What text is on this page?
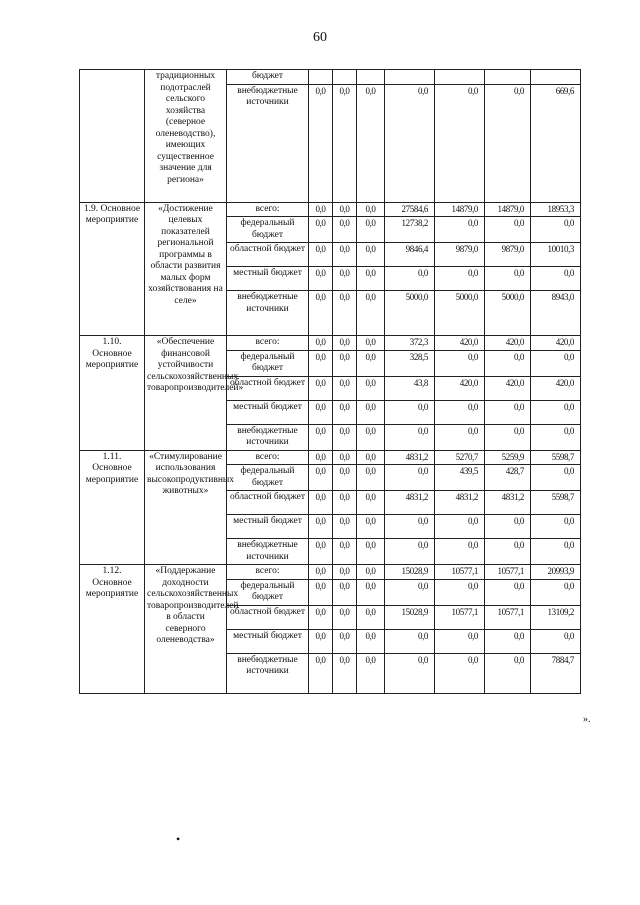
60
	традиционных подотраслей сельского хозяйства (северное оленеводство), имеющих существенное значение для региона»	бюджет							
		внебюджетные источники	0,0	0,0	0,0	0,0	0,0	0,0	669,6
1.9. Основное мероприятие	«Достижение целевых показателей региональной программы в области развития малых форм хозяйствования на селе»	всего:	0,0	0,0	0,0	27584,6	14879,0	14879,0	18953,3
		федеральный бюджет	0,0	0,0	0,0	12738,2	0,0	0,0	0,0
		областной бюджет	0,0	0,0	0,0	9846,4	9879,0	9879,0	10010,3
		местный бюджет	0,0	0,0	0,0	0,0	0,0	0,0	0,0
		внебюджетные источники	0,0	0,0	0,0	5000,0	5000,0	5000,0	8943,0
1.10. Основное мероприятие	«Обеспечение финансовой устойчивости сельскохозяйственных товаропроизводителей»	всего:	0,0	0,0	0,0	372,3	420,0	420,0	420,0
		федеральный бюджет	0,0	0,0	0,0	328,5	0,0	0,0	0,0
		областной бюджет	0,0	0,0	0,0	43,8	420,0	420,0	420,0
		местный бюджет	0,0	0,0	0,0	0,0	0,0	0,0	0,0
		внебюджетные источники	0,0	0,0	0,0	0,0	0,0	0,0	0,0
1.11. Основное мероприятие	«Стимулирование использования высокопродуктивных животных»	всего:	0,0	0,0	0,0	4831,2	5270,7	5259,9	5598,7
		федеральный бюджет	0,0	0,0	0,0	0,0	439,5	428,7	0,0
		областной бюджет	0,0	0,0	0,0	4831,2	4831,2	4831,2	5598,7
		местный бюджет	0,0	0,0	0,0	0,0	0,0	0,0	0,0
		внебюджетные источники	0,0	0,0	0,0	0,0	0,0	0,0	0,0
1.12. Основное мероприятие	«Поддержание доходности сельскохозяйственных товаропроизводителей в области северного оленеводства»	всего:	0,0	0,0	0,0	15028,9	10577,1	10577,1	20993,9
		федеральный бюджет	0,0	0,0	0,0	0,0	0,0	0,0	0,0
		областной бюджет	0,0	0,0	0,0	15028,9	10577,1	10577,1	13109,2
		местный бюджет	0,0	0,0	0,0	0,0	0,0	0,0	0,0
		внебюджетные источники	0,0	0,0	0,0	0,0	0,0	0,0	7884,7
».
•
